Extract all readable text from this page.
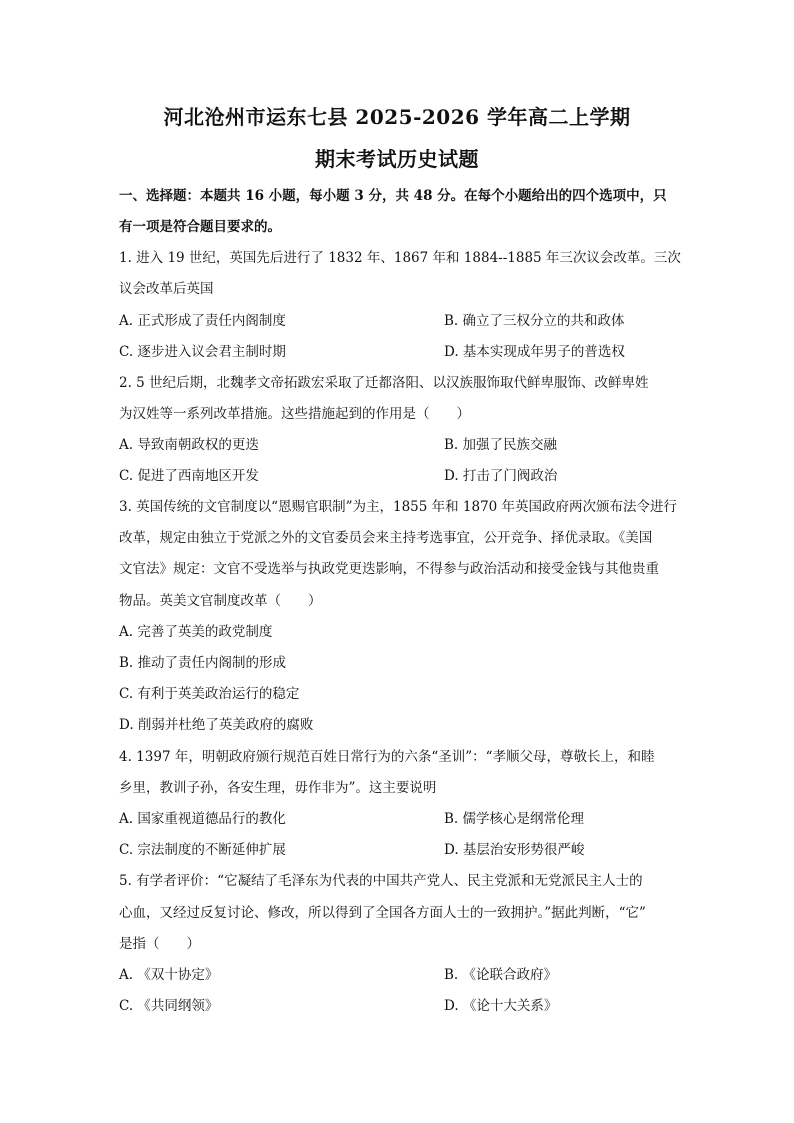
河北沧州市运东七县 2025-2026 学年高二上学期
期末考试历史试题
一、选择题：本题共 16 小题，每小题 3 分，共 48 分。在每个小题给出的四个选项中，只
有一项是符合题目要求的。
1. 进入 19 世纪，英国先后进行了 1832 年、1867 年和 1884--1885 年三次议会改革。三次
议会改革后英国
A. 正式形成了责任内阁制度	B. 确立了三权分立的共和政体
C. 逐步进入议会君主制时期	D. 基本实现成年男子的普选权
2. 5 世纪后期，北魏孝文帝拓跋宏采取了迁都洛阳、以汉族服饰取代鲜卑服饰、改鲜卑姓
为汉姓等一系列改革措施。这些措施起到的作用是（　　）
A. 导致南朝政权的更迭	B. 加强了民族交融
C. 促进了西南地区开发	D. 打击了门阀政治
3. 英国传统的文官制度以“恩赐官职制”为主，1855 年和 1870 年英国政府两次颁布法令进行
改革，规定由独立于党派之外的文官委员会来主持考选事宜，公开竞争、择优录取。《美国
文官法》规定：文官不受选举与执政党更迭影响，不得参与政治活动和接受金钱与其他贵重
物品。英美文官制度改革（　　）
A. 完善了英美的政党制度
B. 推动了责任内阁制的形成
C. 有利于英美政治运行的稳定
D. 削弱并杜绝了英美政府的腐败
4. 1397 年，明朝政府颁行规范百姓日常行为的六条“圣训”：“孝顺父母，尊敬长上，和睦
乡里，教训子孙，各安生理，毋作非为”。这主要说明
A. 国家重视道德品行的教化	B. 儒学核心是纲常伦理
C. 宗法制度的不断延伸扩展	D. 基层治安形势很严峻
5. 有学者评价：“它凝结了毛泽东为代表的中国共产党人、民主党派和无党派民主人士的
心血，又经过反复讨论、修改，所以得到了全国各方面人士的一致拥护。”据此判断，“它”
是指（　　）
A. 《双十协定》	B. 《论联合政府》
C. 《共同纲领》	D. 《论十大关系》
